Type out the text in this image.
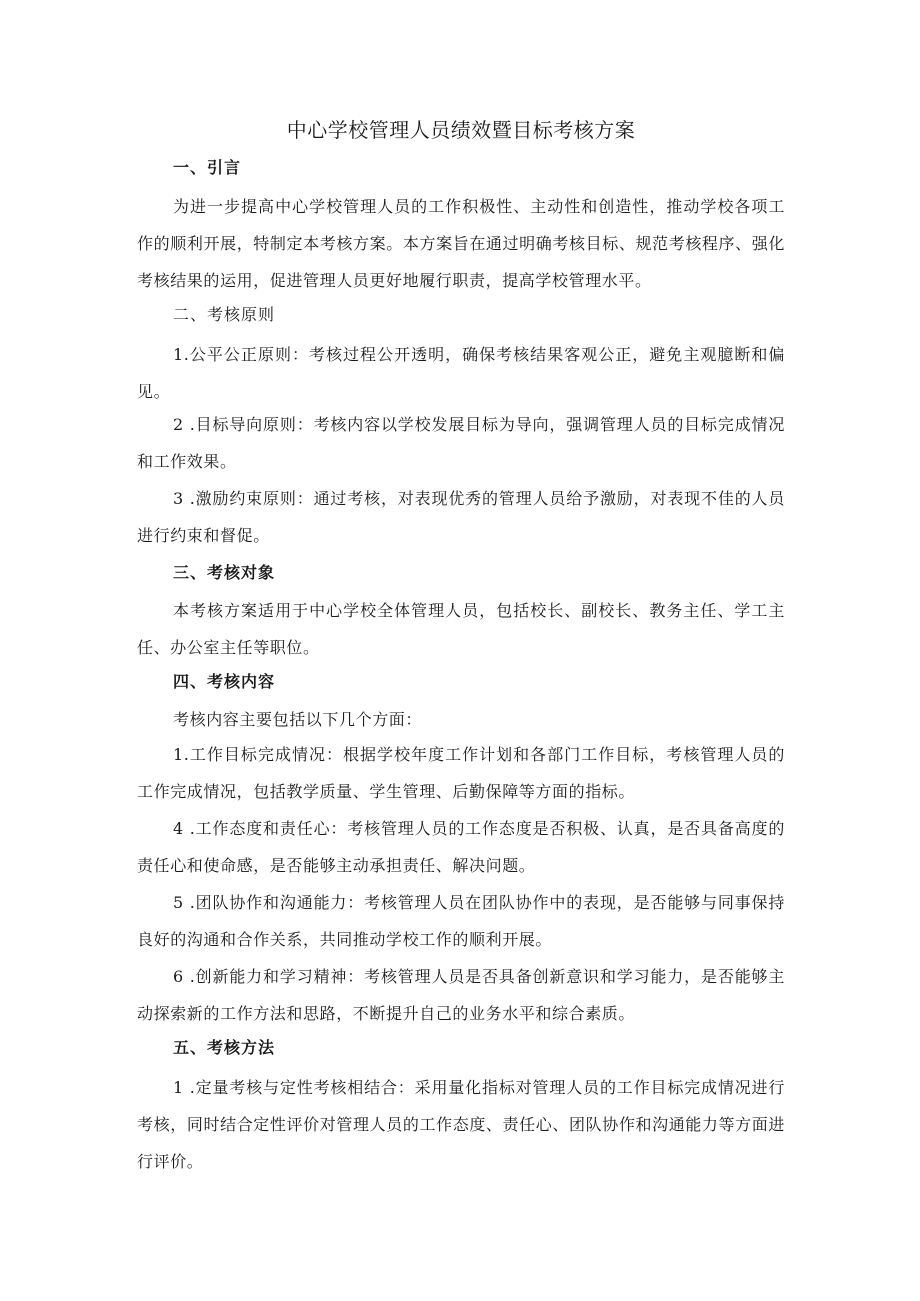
中心学校管理人员绩效暨目标考核方案
一、引言

为进一步提高中心学校管理人员的工作积极性、主动性和创造性，推动学校各项工作的顺利开展，特制定本考核方案。本方案旨在通过明确考核目标、规范考核程序、强化考核结果的运用，促进管理人员更好地履行职责，提高学校管理水平。

二、考核原则

1.公平公正原则：考核过程公开透明，确保考核结果客观公正，避免主观臆断和偏见。

2 .目标导向原则：考核内容以学校发展目标为导向，强调管理人员的目标完成情况和工作效果。

3 .激励约束原则：通过考核，对表现优秀的管理人员给予激励，对表现不佳的人员进行约束和督促。

三、考核对象

本考核方案适用于中心学校全体管理人员，包括校长、副校长、教务主任、学工主任、办公室主任等职位。

四、考核内容

考核内容主要包括以下几个方面：

1.工作目标完成情况：根据学校年度工作计划和各部门工作目标，考核管理人员的工作完成情况，包括教学质量、学生管理、后勤保障等方面的指标。

4 .工作态度和责任心：考核管理人员的工作态度是否积极、认真，是否具备高度的责任心和使命感，是否能够主动承担责任、解决问题。

5 .团队协作和沟通能力：考核管理人员在团队协作中的表现，是否能够与同事保持良好的沟通和合作关系，共同推动学校工作的顺利开展。

6 .创新能力和学习精神：考核管理人员是否具备创新意识和学习能力，是否能够主动探索新的工作方法和思路，不断提升自己的业务水平和综合素质。

五、考核方法

1 .定量考核与定性考核相结合：采用量化指标对管理人员的工作目标完成情况进行考核，同时结合定性评价对管理人员的工作态度、责任心、团队协作和沟通能力等方面进行评价。
